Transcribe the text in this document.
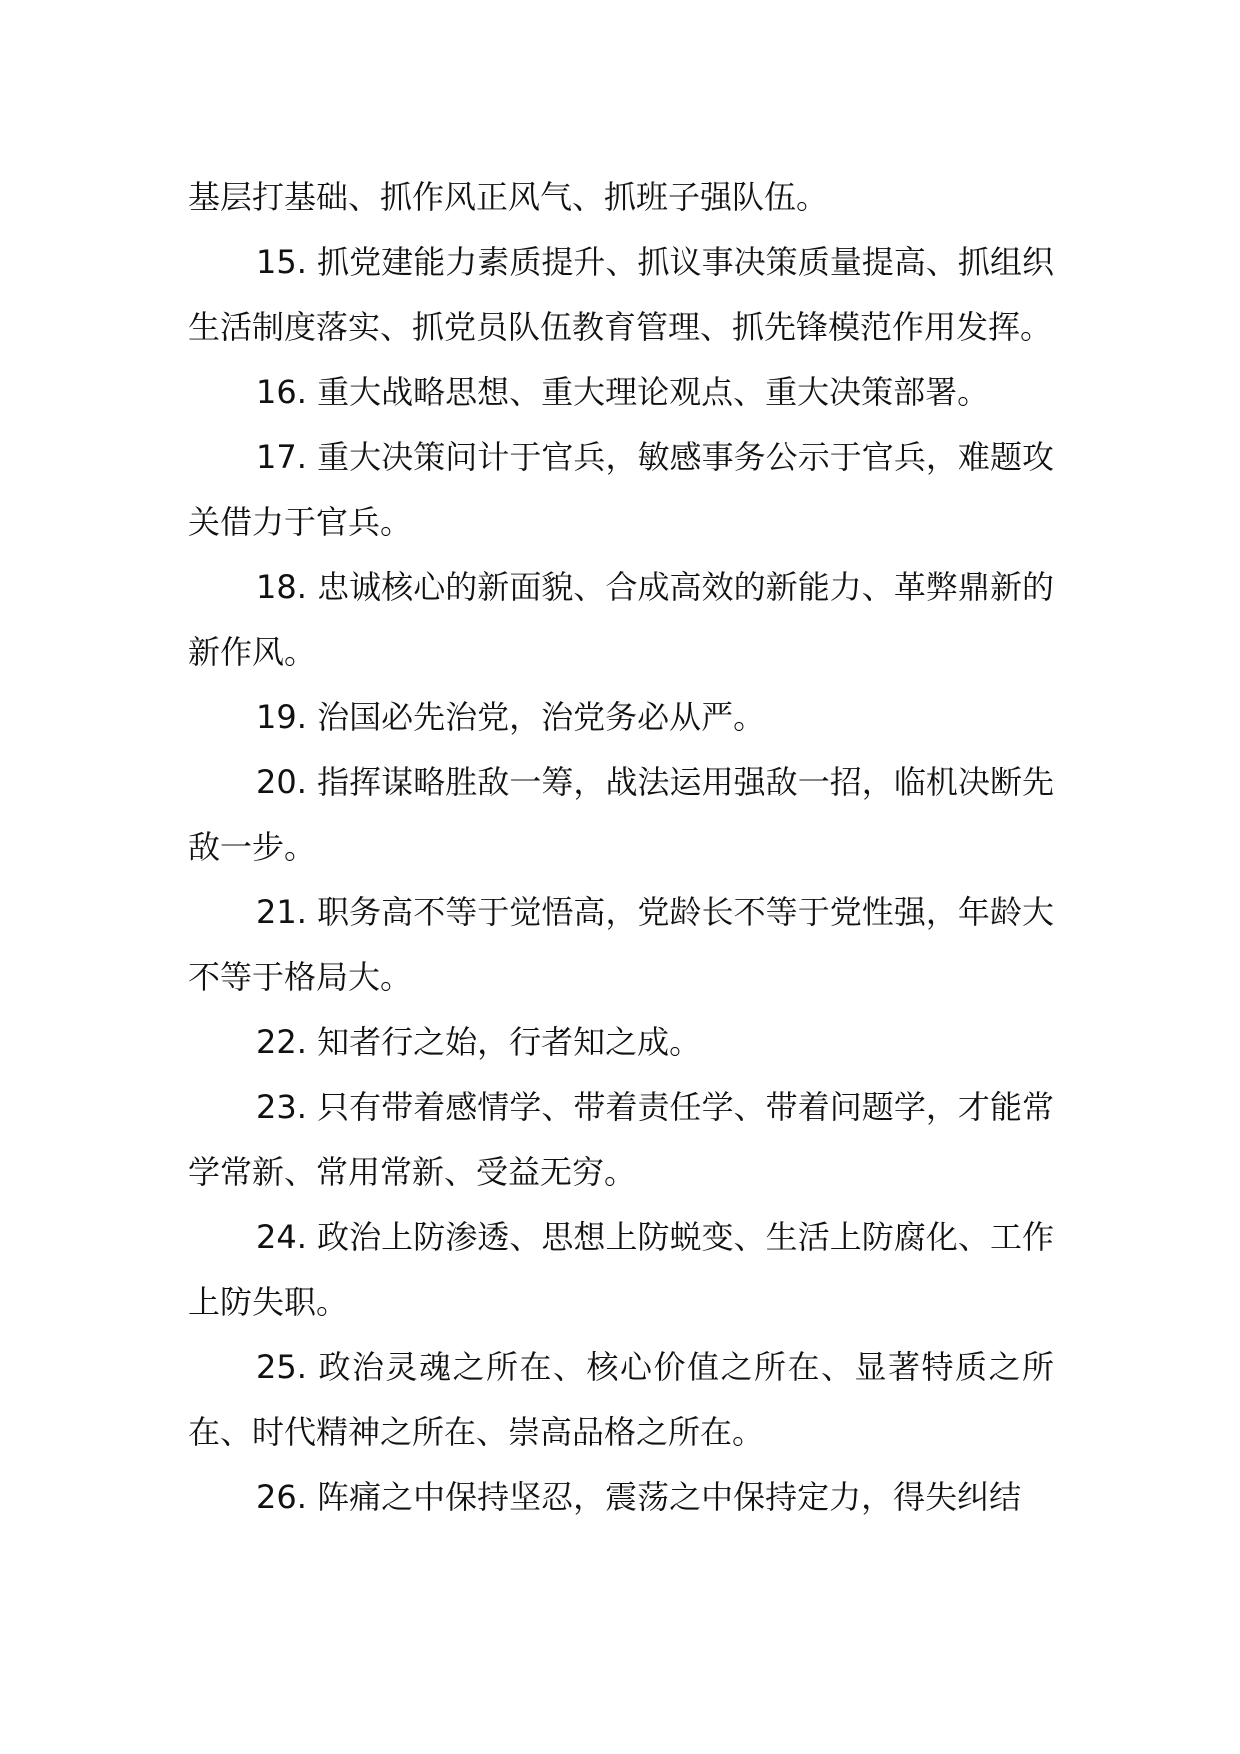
基层打基础、抓作风正风气、抓班子强队伍。

15. 抓党建能力素质提升、抓议事决策质量提高、抓组织生活制度落实、抓党员队伍教育管理、抓先锋模范作用发挥。

16. 重大战略思想、重大理论观点、重大决策部署。

17. 重大决策问计于官兵，敏感事务公示于官兵，难题攻关借力于官兵。

18. 忠诚核心的新面貌、合成高效的新能力、革弊鼎新的新作风。

19. 治国必先治党，治党务必从严。

20. 指挥谋略胜敌一筹，战法运用强敌一招，临机决断先敌一步。

21. 职务高不等于觉悟高，党龄长不等于党性强，年龄大不等于格局大。

22. 知者行之始，行者知之成。

23. 只有带着感情学、带着责任学、带着问题学，才能常学常新、常用常新、受益无穷。

24. 政治上防渗透、思想上防蜕变、生活上防腐化、工作上防失职。

25. 政治灵魂之所在、核心价值之所在、显著特质之所在、时代精神之所在、崇高品格之所在。

26. 阵痛之中保持坚忍，震荡之中保持定力，得失纠结
